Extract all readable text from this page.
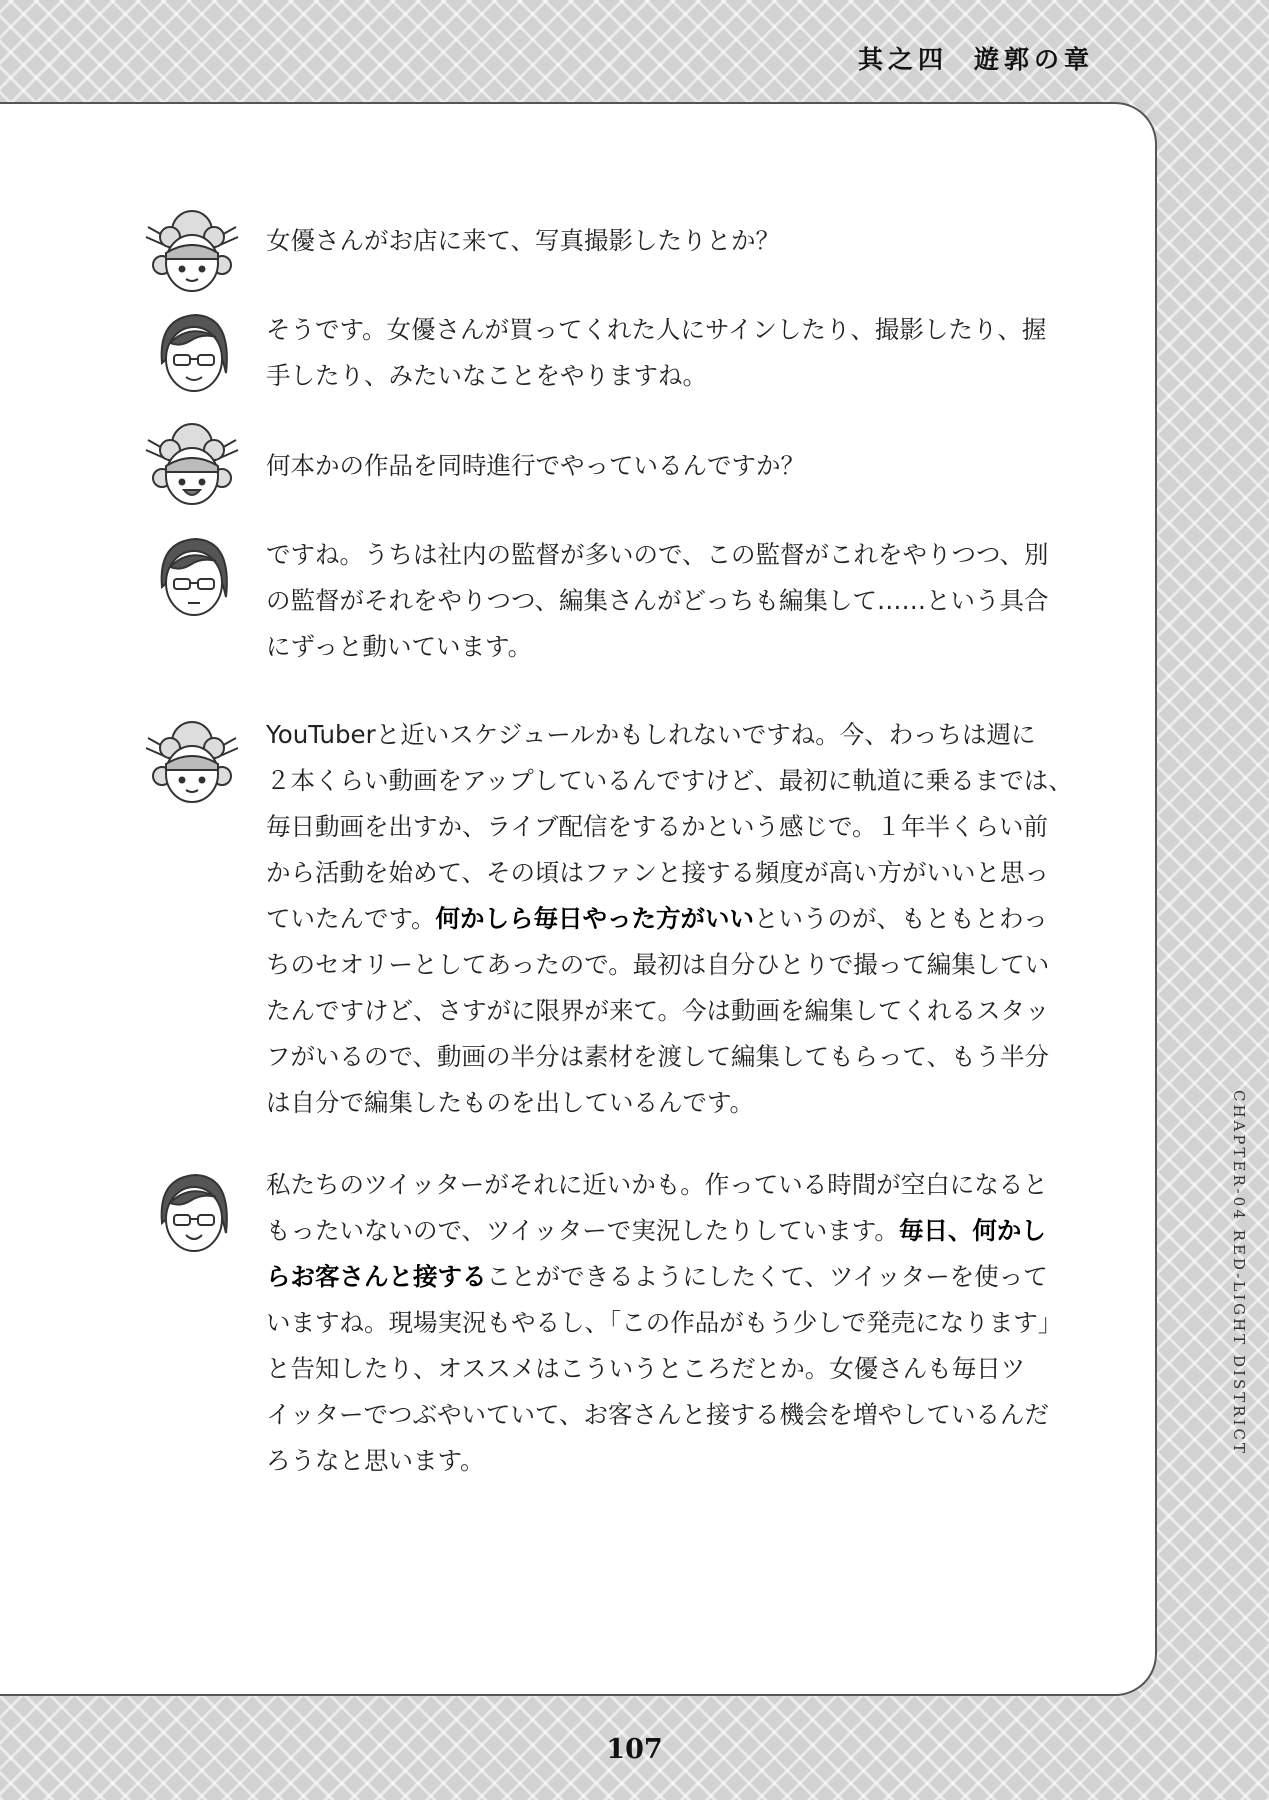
其之四 遊郭の章
女優さんがお店に来て、写真撮影したりとか？
そうです。女優さんが買ってくれた人にサインしたり、撮影したり、握
手したり、みたいなことをやりますね。
何本かの作品を同時進行でやっているんですか？
ですね。うちは社内の監督が多いので、この監督がこれをやりつつ、別
の監督がそれをやりつつ、編集さんがどっちも編集して……という具合
にずっと動いています。
YouTuberと近いスケジュールかもしれないですね。今、わっちは週に
２本くらい動画をアップしているんですけど、最初に軌道に乗るまでは、
毎日動画を出すか、ライブ配信をするかという感じで。１年半くらい前
から活動を始めて、その頃はファンと接する頻度が高い方がいいと思っ
ていたんです。何かしら毎日やった方がいいというのが、もともとわっ
ちのセオリーとしてあったので。最初は自分ひとりで撮って編集してい
たんですけど、さすがに限界が来て。今は動画を編集してくれるスタッ
フがいるので、動画の半分は素材を渡して編集してもらって、もう半分
は自分で編集したものを出しているんです。
私たちのツイッターがそれに近いかも。作っている時間が空白になると
もったいないので、ツイッターで実況したりしています。毎日、何かし
らお客さんと接することができるようにしたくて、ツイッターを使って
いますね。現場実況もやるし、「この作品がもう少しで発売になります」
と告知したり、オススメはこういうところだとか。女優さんも毎日ツ
イッターでつぶやいていて、お客さんと接する機会を増やしているんだ
ろうなと思います。
CHAPTER-04 RED-LIGHT DISTRICT
107
